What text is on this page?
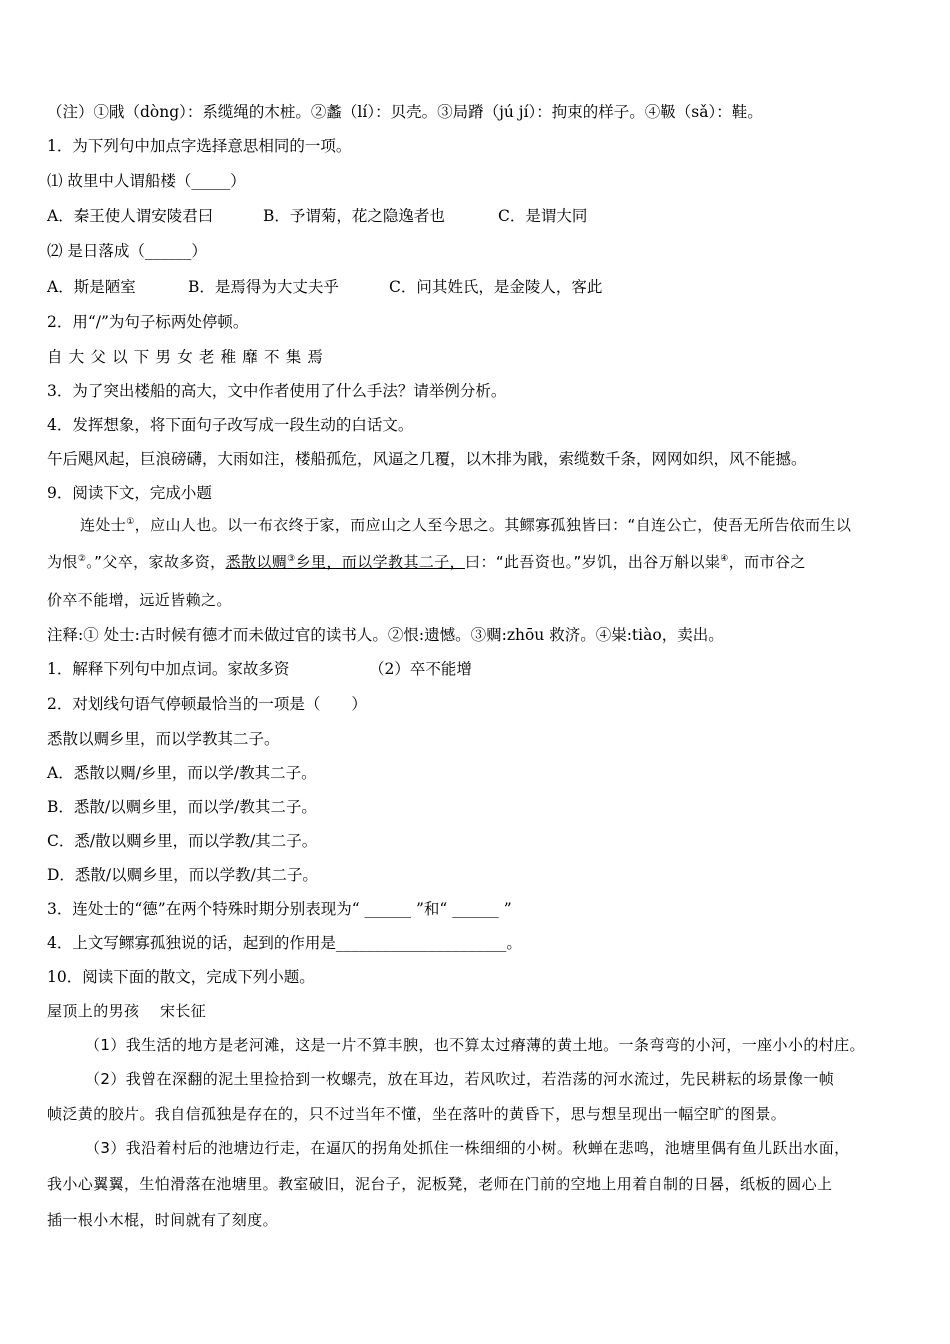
（注）①戙（dòng）：系缆绳的木桩。②蠡（lí）：贝壳。③局蹐（jú jí）：拘束的样子。④靸（sǎ）：鞋。
1．为下列句中加点字选择意思相同的一项。
⑴ 故里中人谓船楼（_____）
A．秦王使人谓安陵君曰	B．予谓菊，花之隐逸者也	C．是谓大同
⑵ 是日落成（______）
A．斯是陋室	B．是焉得为大丈夫乎	C．问其姓氏，是金陵人，客此
2．用“/”为句子标两处停顿。
自大父以下男女老稚靡不集焉
3．为了突出楼船的高大，文中作者使用了什么手法？请举例分析。
4．发挥想象，将下面句子改写成一段生动的白话文。
午后飓风起，巨浪磅礴，大雨如注，楼船孤危，风逼之几覆，以木排为戙，索缆数千条，网网如织，风不能撼。
9．阅读下文，完成小题
连处士①，应山人也。以一布衣终于家，而应山之人至今思之。其鳏寡孤独皆曰：“自连公亡，使吾无所告依而生以
为恨②。”父卒，家故多资，悉散以赒③乡里，而以学教其二子，曰：“此吾资也。”岁饥，出谷万斛以粜④，而市谷之
价卒不能增，远近皆赖之。
注释:① 处士:古时候有德才而未做过官的读书人。②恨:遗憾。③赒:zhōu 救济。④粜:tiào，卖出。
1．解释下列句中加点词。家故多资	（2）卒不能增
2．对划线句语气停顿最恰当的一项是（　　）
悉散以赒乡里，而以学教其二子。
A．悉散以赒/乡里，而以学/教其二子。
B．悉散/以赒乡里，而以学/教其二子。
C．悉/散以赒乡里，而以学教/其二子。
D．悉散/以赒乡里，而以学教/其二子。
3．连处士的“德”在两个特殊时期分别表现为“ ______ ”和“ ______ ”
4．上文写鳏寡孤独说的话，起到的作用是______________________。
10．阅读下面的散文，完成下列小题。
屋顶上的男孩　 宋长征
（1）我生活的地方是老河滩，这是一片不算丰腴，也不算太过瘠薄的黄土地。一条弯弯的小河，一座小小的村庄。
（2）我曾在深翻的泥土里捡拾到一枚螺壳，放在耳边，若风吹过，若浩荡的河水流过，先民耕耘的场景像一帧
帧泛黄的胶片。我自信孤独是存在的，只不过当年不懂，坐在落叶的黄昏下，思与想呈现出一幅空旷的图景。
（3）我沿着村后的池塘边行走，在逼仄的拐角处抓住一株细细的小树。秋蝉在悲鸣，池塘里偶有鱼儿跃出水面，
我小心翼翼，生怕滑落在池塘里。教室破旧，泥台子，泥板凳，老师在门前的空地上用着自制的日晷，纸板的圆心上
插一根小木棍，时间就有了刻度。
